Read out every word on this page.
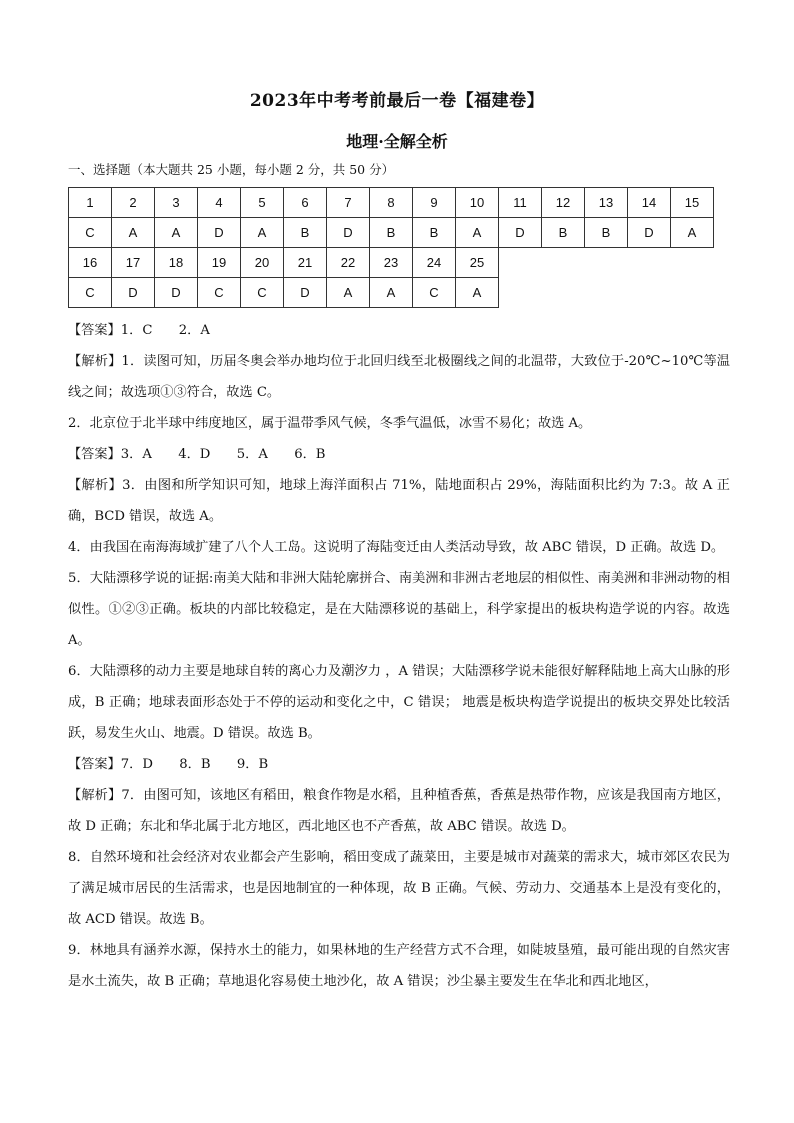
2023年中考考前最后一卷【福建卷】
地理·全解全析
一、选择题（本大题共 25 小题，每小题 2 分，共 50 分）
1	2	3	4	5	6	7	8	9	10	11	12	13	14	15
C	A	A	D	A	B	D	B	B	A	D	B	B	D	A
16	17	18	19	20	21	22	23	24	25					
C	D	D	C	C	D	A	A	C	A					

【答案】1．C　　2．A

【解析】1．读图可知，历届冬奥会举办地均位于北回归线至北极圈线之间的北温带，大致位于-20℃~10℃等温线之间；故选项①③符合，故选 C。

2．北京位于北半球中纬度地区，属于温带季风气候，冬季气温低，冰雪不易化；故选 A。

【答案】3．A　　4．D　　5．A　　6．B

【解析】3．由图和所学知识可知，地球上海洋面积占 71%，陆地面积占 29%，海陆面积比约为 7:3。故 A 正确，BCD 错误，故选 A。

4．由我国在南海海域扩建了八个人工岛。这说明了海陆变迁由人类活动导致，故 ABC 错误，D 正确。故选 D。

5．大陆漂移学说的证据:南美大陆和非洲大陆轮廓拼合、南美洲和非洲古老地层的相似性、南美洲和非洲动物的相似性。①②③正确。板块的内部比较稳定，是在大陆漂移说的基础上，科学家提出的板块构造学说的内容。故选 A。

6．大陆漂移的动力主要是地球自转的离心力及潮汐力 ，A 错误；大陆漂移学说未能很好解释陆地上高大山脉的形成，B 正确；地球表面形态处于不停的运动和变化之中，C 错误； 地震是板块构造学说提出的板块交界处比较活跃，易发生火山、地震。D 错误。故选 B。

【答案】7．D　　8．B　　9．B

【解析】7．由图可知，该地区有稻田，粮食作物是水稻，且种植香蕉，香蕉是热带作物，应该是我国南方地区，故 D 正确；东北和华北属于北方地区，西北地区也不产香蕉，故 ABC 错误。故选 D。

8．自然环境和社会经济对农业都会产生影响，稻田变成了蔬菜田，主要是城市对蔬菜的需求大，城市郊区农民为了满足城市居民的生活需求，也是因地制宜的一种体现，故 B 正确。气候、劳动力、交通基本上是没有变化的，故 ACD 错误。故选 B。

9．林地具有涵养水源，保持水土的能力，如果林地的生产经营方式不合理，如陡坡垦殖，最可能出现的自然灾害是水土流失，故 B 正确；草地退化容易使土地沙化，故 A 错误；沙尘暴主要发生在华北和西北地区，
